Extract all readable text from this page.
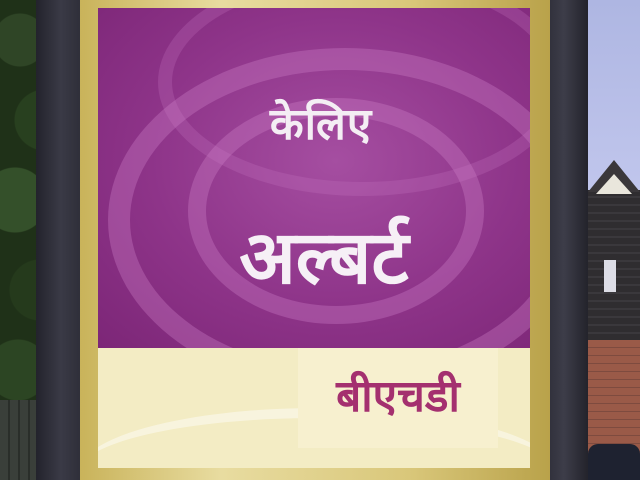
केलिए
अल्बर्ट
बीएचडी
